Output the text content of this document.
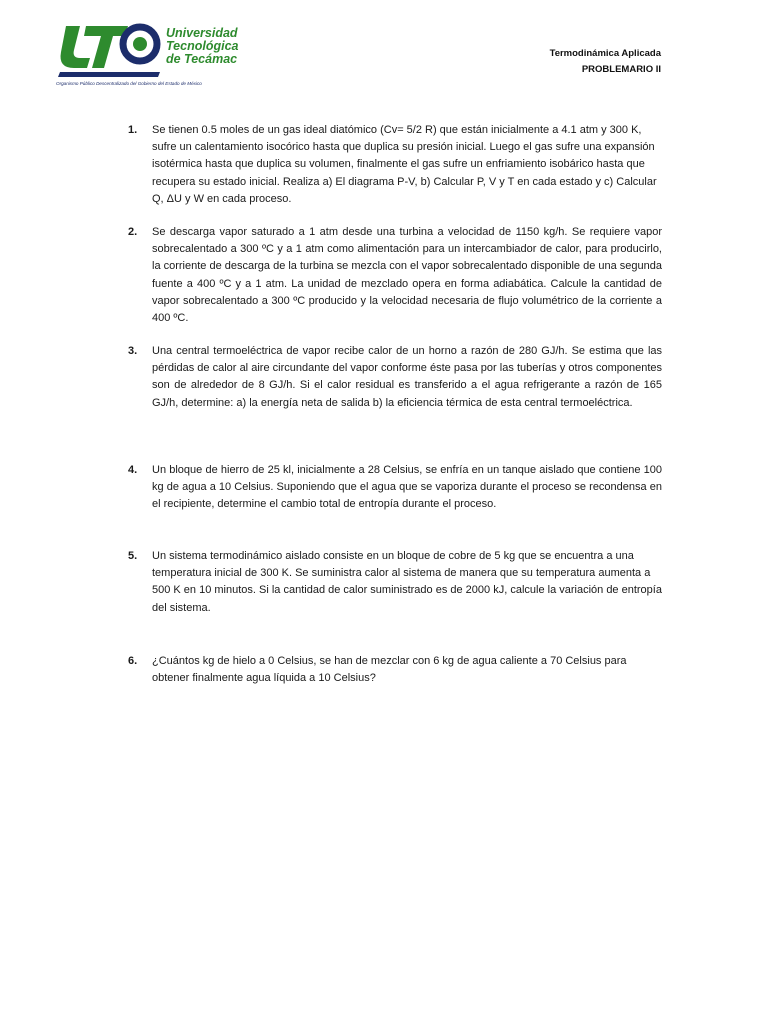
Universidad
Tecnológica
de Tecámac
Organismo Público Descentralizado del Gobierno del Estado de México
Termodinámica Aplicada
PROBLEMARIO II
1. Se tienen 0.5 moles de un gas ideal diatómico (Cv= 5/2 R) que están inicialmente a 4.1 atm y 300 K, sufre un calentamiento isocórico hasta que duplica su presión inicial. Luego el gas sufre una expansión isotérmica hasta que duplica su volumen, finalmente el gas sufre un enfriamiento isobárico hasta que recupera su estado inicial. Realiza a) El diagrama P-V, b) Calcular P, V y T en cada estado y c) Calcular Q, ΔU y W en cada proceso.
2. Se descarga vapor saturado a 1 atm desde una turbina a velocidad de 1150 kg/h. Se requiere vapor sobrecalentado a 300 ºC y a 1 atm como alimentación para un intercambiador de calor, para producirlo, la corriente de descarga de la turbina se mezcla con el vapor sobrecalentado disponible de una segunda fuente a 400 ºC y a 1 atm. La unidad de mezclado opera en forma adiabática. Calcule la cantidad de vapor sobrecalentado a 300 ºC producido y la velocidad necesaria de flujo volumétrico de la corriente a 400 ºC.
3. Una central termoeléctrica de vapor recibe calor de un horno a razón de 280 GJ/h. Se estima que las pérdidas de calor al aire circundante del vapor conforme éste pasa por las tuberías y otros componentes son de alrededor de 8 GJ/h. Si el calor residual es transferido a el agua refrigerante a razón de 165 GJ/h, determine: a) la energía neta de salida b) la eficiencia térmica de esta central termoeléctrica.
4. Un bloque de hierro de 25 kl, inicialmente a 28 Celsius, se enfría en un tanque aislado que contiene 100 kg de agua a 10 Celsius. Suponiendo que el agua que se vaporiza durante el proceso se recondensa en el recipiente, determine el cambio total de entropía durante el proceso.
5. Un sistema termodinámico aislado consiste en un bloque de cobre de 5 kg que se encuentra a una temperatura inicial de 300 K. Se suministra calor al sistema de manera que su temperatura aumenta a 500 K en 10 minutos. Si la cantidad de calor suministrado es de 2000 kJ, calcule la variación de entropía del sistema.
6. ¿Cuántos kg de hielo a 0 Celsius, se han de mezclar con 6 kg de agua caliente a 70 Celsius para obtener finalmente agua líquida a 10 Celsius?
